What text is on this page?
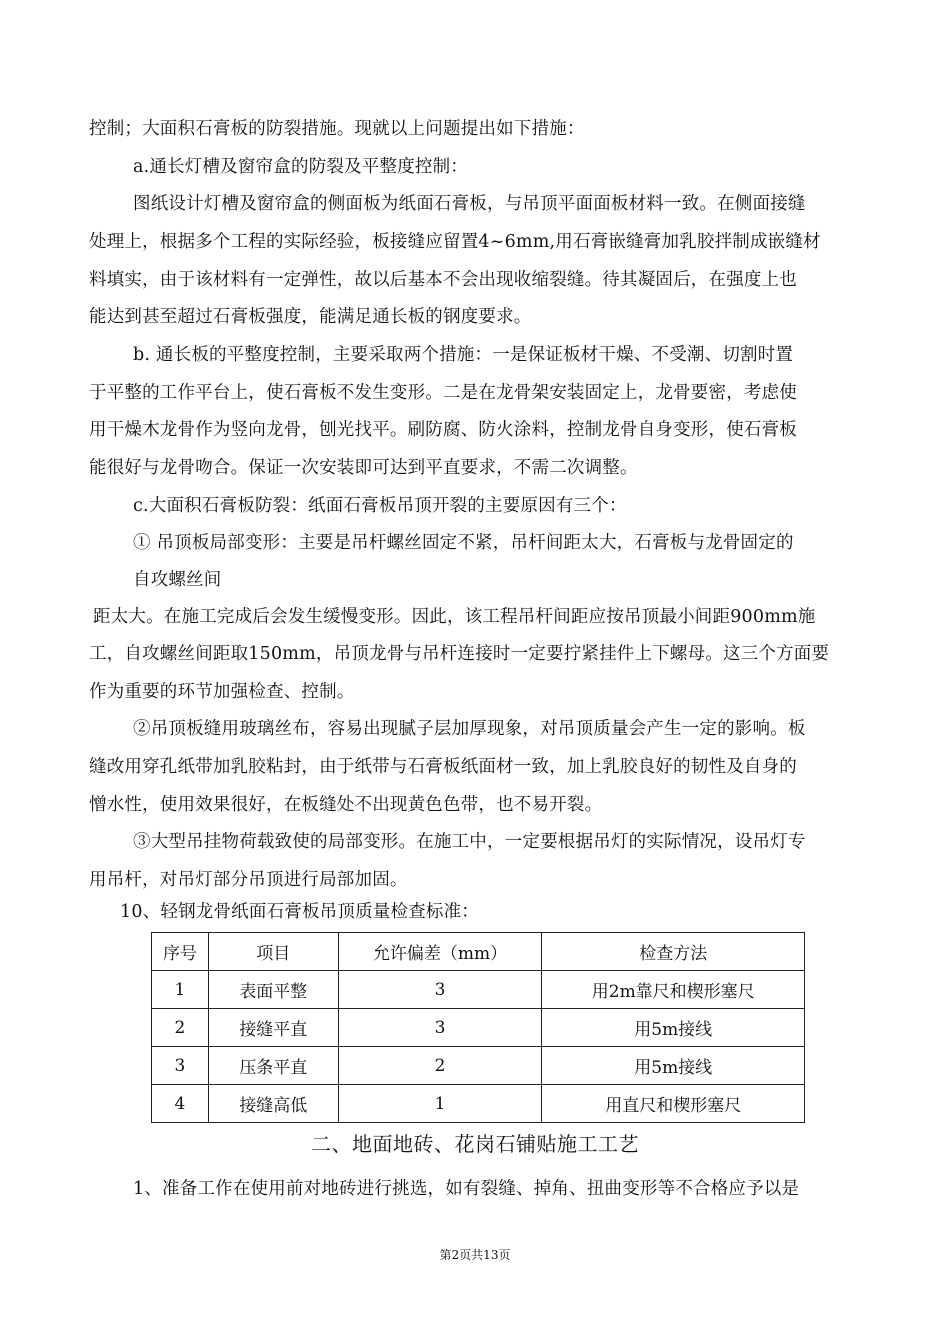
控制；大面积石膏板的防裂措施。现就以上问题提出如下措施：
a.通长灯槽及窗帘盒的防裂及平整度控制：
图纸设计灯槽及窗帘盒的侧面板为纸面石膏板，与吊顶平面面板材料一致。在侧面接缝
处理上，根据多个工程的实际经验，板接缝应留置4~6mm,用石膏嵌缝膏加乳胶拌制成嵌缝材
料填实，由于该材料有一定弹性，故以后基本不会出现收缩裂缝。待其凝固后，在强度上也
能达到甚至超过石膏板强度，能满足通长板的钢度要求。
b. 通长板的平整度控制，主要采取两个措施：一是保证板材干燥、不受潮、切割时置
于平整的工作平台上，使石膏板不发生变形。二是在龙骨架安装固定上，龙骨要密，考虑使
用干燥木龙骨作为竖向龙骨，刨光找平。刷防腐、防火涂料，控制龙骨自身变形，使石膏板
能很好与龙骨吻合。保证一次安装即可达到平直要求，不需二次调整。
c.大面积石膏板防裂：纸面石膏板吊顶开裂的主要原因有三个：
① 吊顶板局部变形：主要是吊杆螺丝固定不紧，吊杆间距太大，石膏板与龙骨固定的
自攻螺丝间
距太大。在施工完成后会发生缓慢变形。因此，该工程吊杆间距应按吊顶最小间距900mm施
工，自攻螺丝间距取150mm，吊顶龙骨与吊杆连接时一定要拧紧挂件上下螺母。这三个方面要
作为重要的环节加强检查、控制。
②吊顶板缝用玻璃丝布，容易出现腻子层加厚现象，对吊顶质量会产生一定的影响。板
缝改用穿孔纸带加乳胶粘封，由于纸带与石膏板纸面材一致，加上乳胶良好的韧性及自身的
憎水性，使用效果很好，在板缝处不出现黄色色带，也不易开裂。
③大型吊挂物荷载致使的局部变形。在施工中，一定要根据吊灯的实际情况，设吊灯专
用吊杆，对吊灯部分吊顶进行局部加固。
10、轻钢龙骨纸面石膏板吊顶质量检查标准：
序号	项目	允许偏差（mm）	检查方法
1	表面平整	3	用2m靠尺和楔形塞尺
2	接缝平直	3	用5m接线
3	压条平直	2	用5m接线
4	接缝高低	1	用直尺和楔形塞尺
二、地面地砖、花岗石铺贴施工工艺
1、准备工作在使用前对地砖进行挑选，如有裂缝、掉角、扭曲变形等不合格应予以是
第2页共13页
